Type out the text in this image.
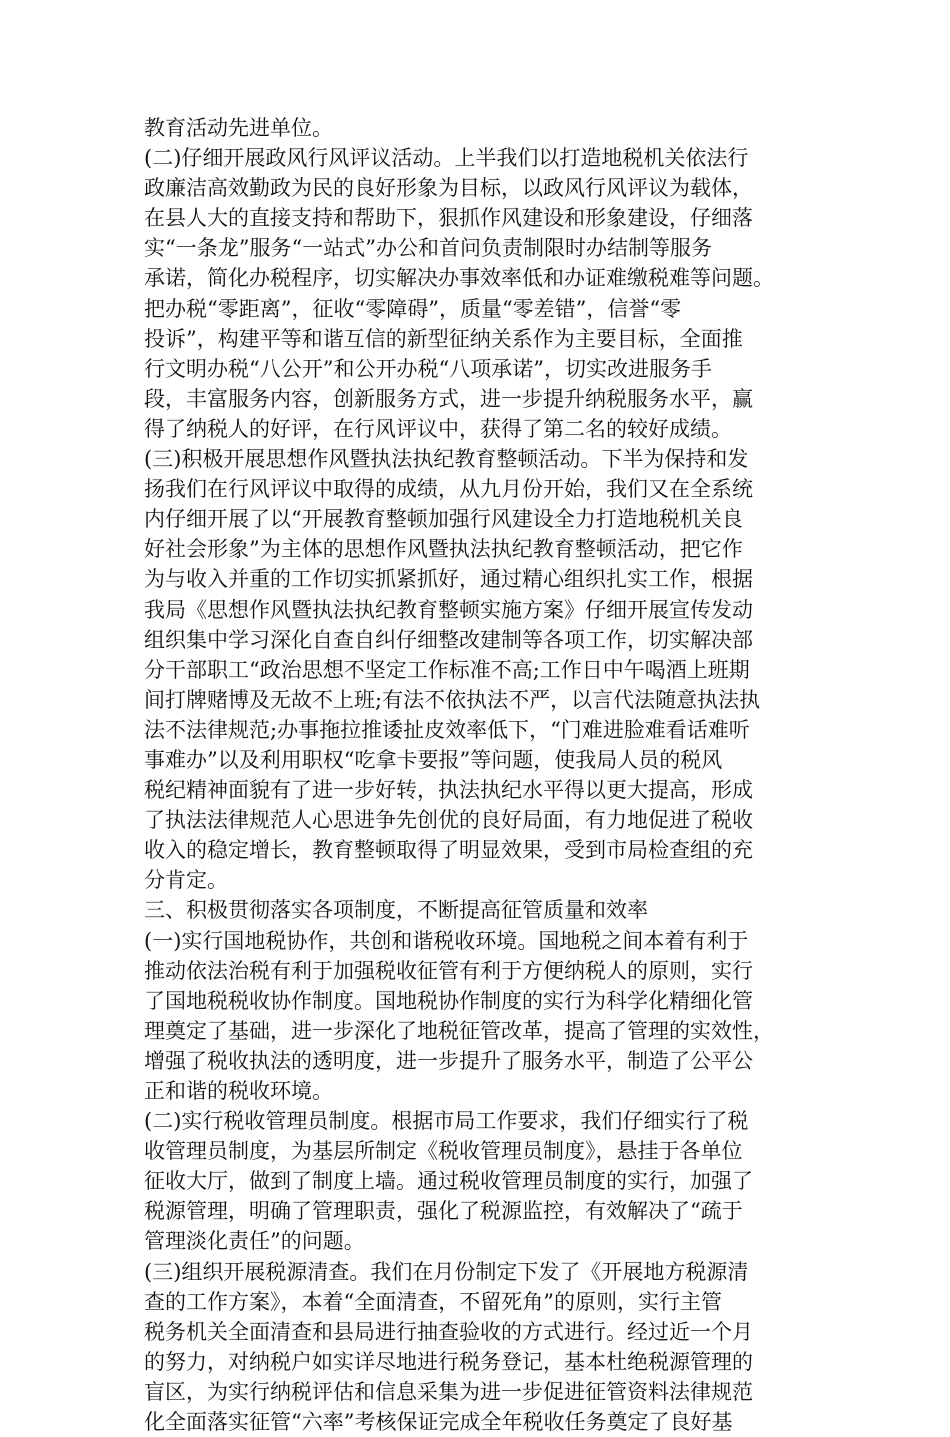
教育活动先进单位。
(二)仔细开展政风行风评议活动。上半我们以打造地税机关依法行
政廉洁高效勤政为民的良好形象为目标，以政风行风评议为载体，
在县人大的直接支持和帮助下，狠抓作风建设和形象建设，仔细落
实“一条龙”服务“一站式”办公和首问负责制限时办结制等服务
承诺，简化办税程序，切实解决办事效率低和办证难缴税难等问题。
把办税“零距离”，征收“零障碍”，质量“零差错”，信誉“零
投诉”，构建平等和谐互信的新型征纳关系作为主要目标，全面推
行文明办税“八公开”和公开办税“八项承诺”，切实改进服务手
段，丰富服务内容，创新服务方式，进一步提升纳税服务水平，赢
得了纳税人的好评，在行风评议中，获得了第二名的较好成绩。
(三)积极开展思想作风暨执法执纪教育整顿活动。下半为保持和发
扬我们在行风评议中取得的成绩，从九月份开始，我们又在全系统
内仔细开展了以“开展教育整顿加强行风建设全力打造地税机关良
好社会形象”为主体的思想作风暨执法执纪教育整顿活动，把它作
为与收入并重的工作切实抓紧抓好，通过精心组织扎实工作，根据
我局《思想作风暨执法执纪教育整顿实施方案》仔细开展宣传发动
组织集中学习深化自查自纠仔细整改建制等各项工作，切实解决部
分干部职工“政治思想不坚定工作标准不高;工作日中午喝酒上班期
间打牌赌博及无故不上班;有法不依执法不严，以言代法随意执法执
法不法律规范;办事拖拉推诿扯皮效率低下，“门难进脸难看话难听
事难办”以及利用职权“吃拿卡要报”等问题，使我局人员的税风
税纪精神面貌有了进一步好转，执法执纪水平得以更大提高，形成
了执法法律规范人心思进争先创优的良好局面，有力地促进了税收
收入的稳定增长，教育整顿取得了明显效果，受到市局检查组的充
分肯定。
三、积极贯彻落实各项制度，不断提高征管质量和效率
(一)实行国地税协作，共创和谐税收环境。国地税之间本着有利于
推动依法治税有利于加强税收征管有利于方便纳税人的原则，实行
了国地税税收协作制度。国地税协作制度的实行为科学化精细化管
理奠定了基础，进一步深化了地税征管改革，提高了管理的实效性，
增强了税收执法的透明度，进一步提升了服务水平，制造了公平公
正和谐的税收环境。
(二)实行税收管理员制度。根据市局工作要求，我们仔细实行了税
收管理员制度，为基层所制定《税收管理员制度》，悬挂于各单位
征收大厅，做到了制度上墙。通过税收管理员制度的实行，加强了
税源管理，明确了管理职责，强化了税源监控，有效解决了“疏于
管理淡化责任”的问题。
(三)组织开展税源清查。我们在月份制定下发了《开展地方税源清
查的工作方案》，本着“全面清查，不留死角”的原则，实行主管
税务机关全面清查和县局进行抽查验收的方式进行。经过近一个月
的努力，对纳税户如实详尽地进行税务登记，基本杜绝税源管理的
盲区，为实行纳税评估和信息采集为进一步促进征管资料法律规范
化全面落实征管“六率”考核保证完成全年税收任务奠定了良好基
